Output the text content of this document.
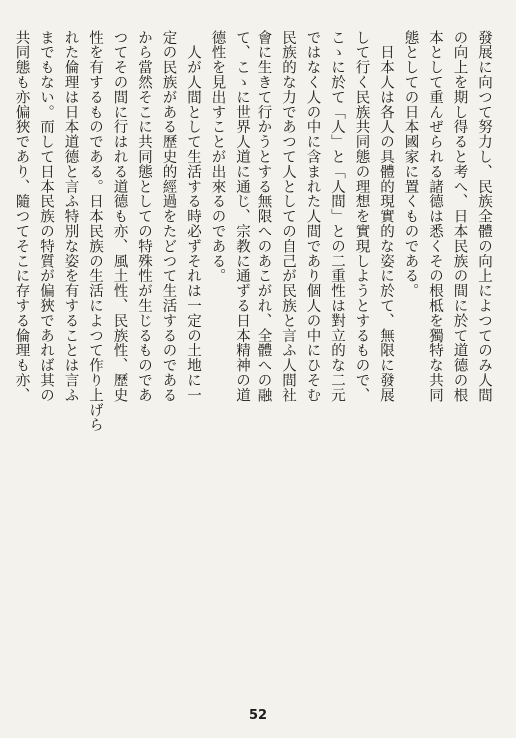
發展に向つて努力し、民族全體の向上によつてのみ人間
の向上を期し得ると考へ、日本民族の間に於て道德の根
本として重んぜられる諸德は悉くその根柢を獨特な共同
態としての日本國家に置くものである。
　日本人は各人の具體的現實的な姿に於て、無限に發展
して行く民族共同態の理想を實現しようとするもので、
こゝに於て「人」と「人間」との二重性は對立的な二元
ではなく人の中に含まれた人間であり個人の中にひそむ
民族的な力であつて人としての自己が民族と言ふ人間社
會に生きて行かうとする無限へのあこがれ、全體への融
て、こゝに世界人道に通じ、宗教に通ずる日本精神の道
德性を見出すことが出來るのである。
　人が人間として生活する時必ずそれは一定の土地に一
定の民族がある歷史的經過をたどつて生活するのである
から當然そこに共同態としての特殊性が生じるものであ
つてその間に行はれる道德も亦、風土性、民族性、歷史
性を有するものである。日本民族の生活によつて作り上げら
れた倫理は日本道德と言ふ特別な姿を有することは言ふ
までもない。而して日本民族の特質が偏狹であれば其の
共同態も亦偏狹であり、隨つてそこに存する倫理も亦、
52
